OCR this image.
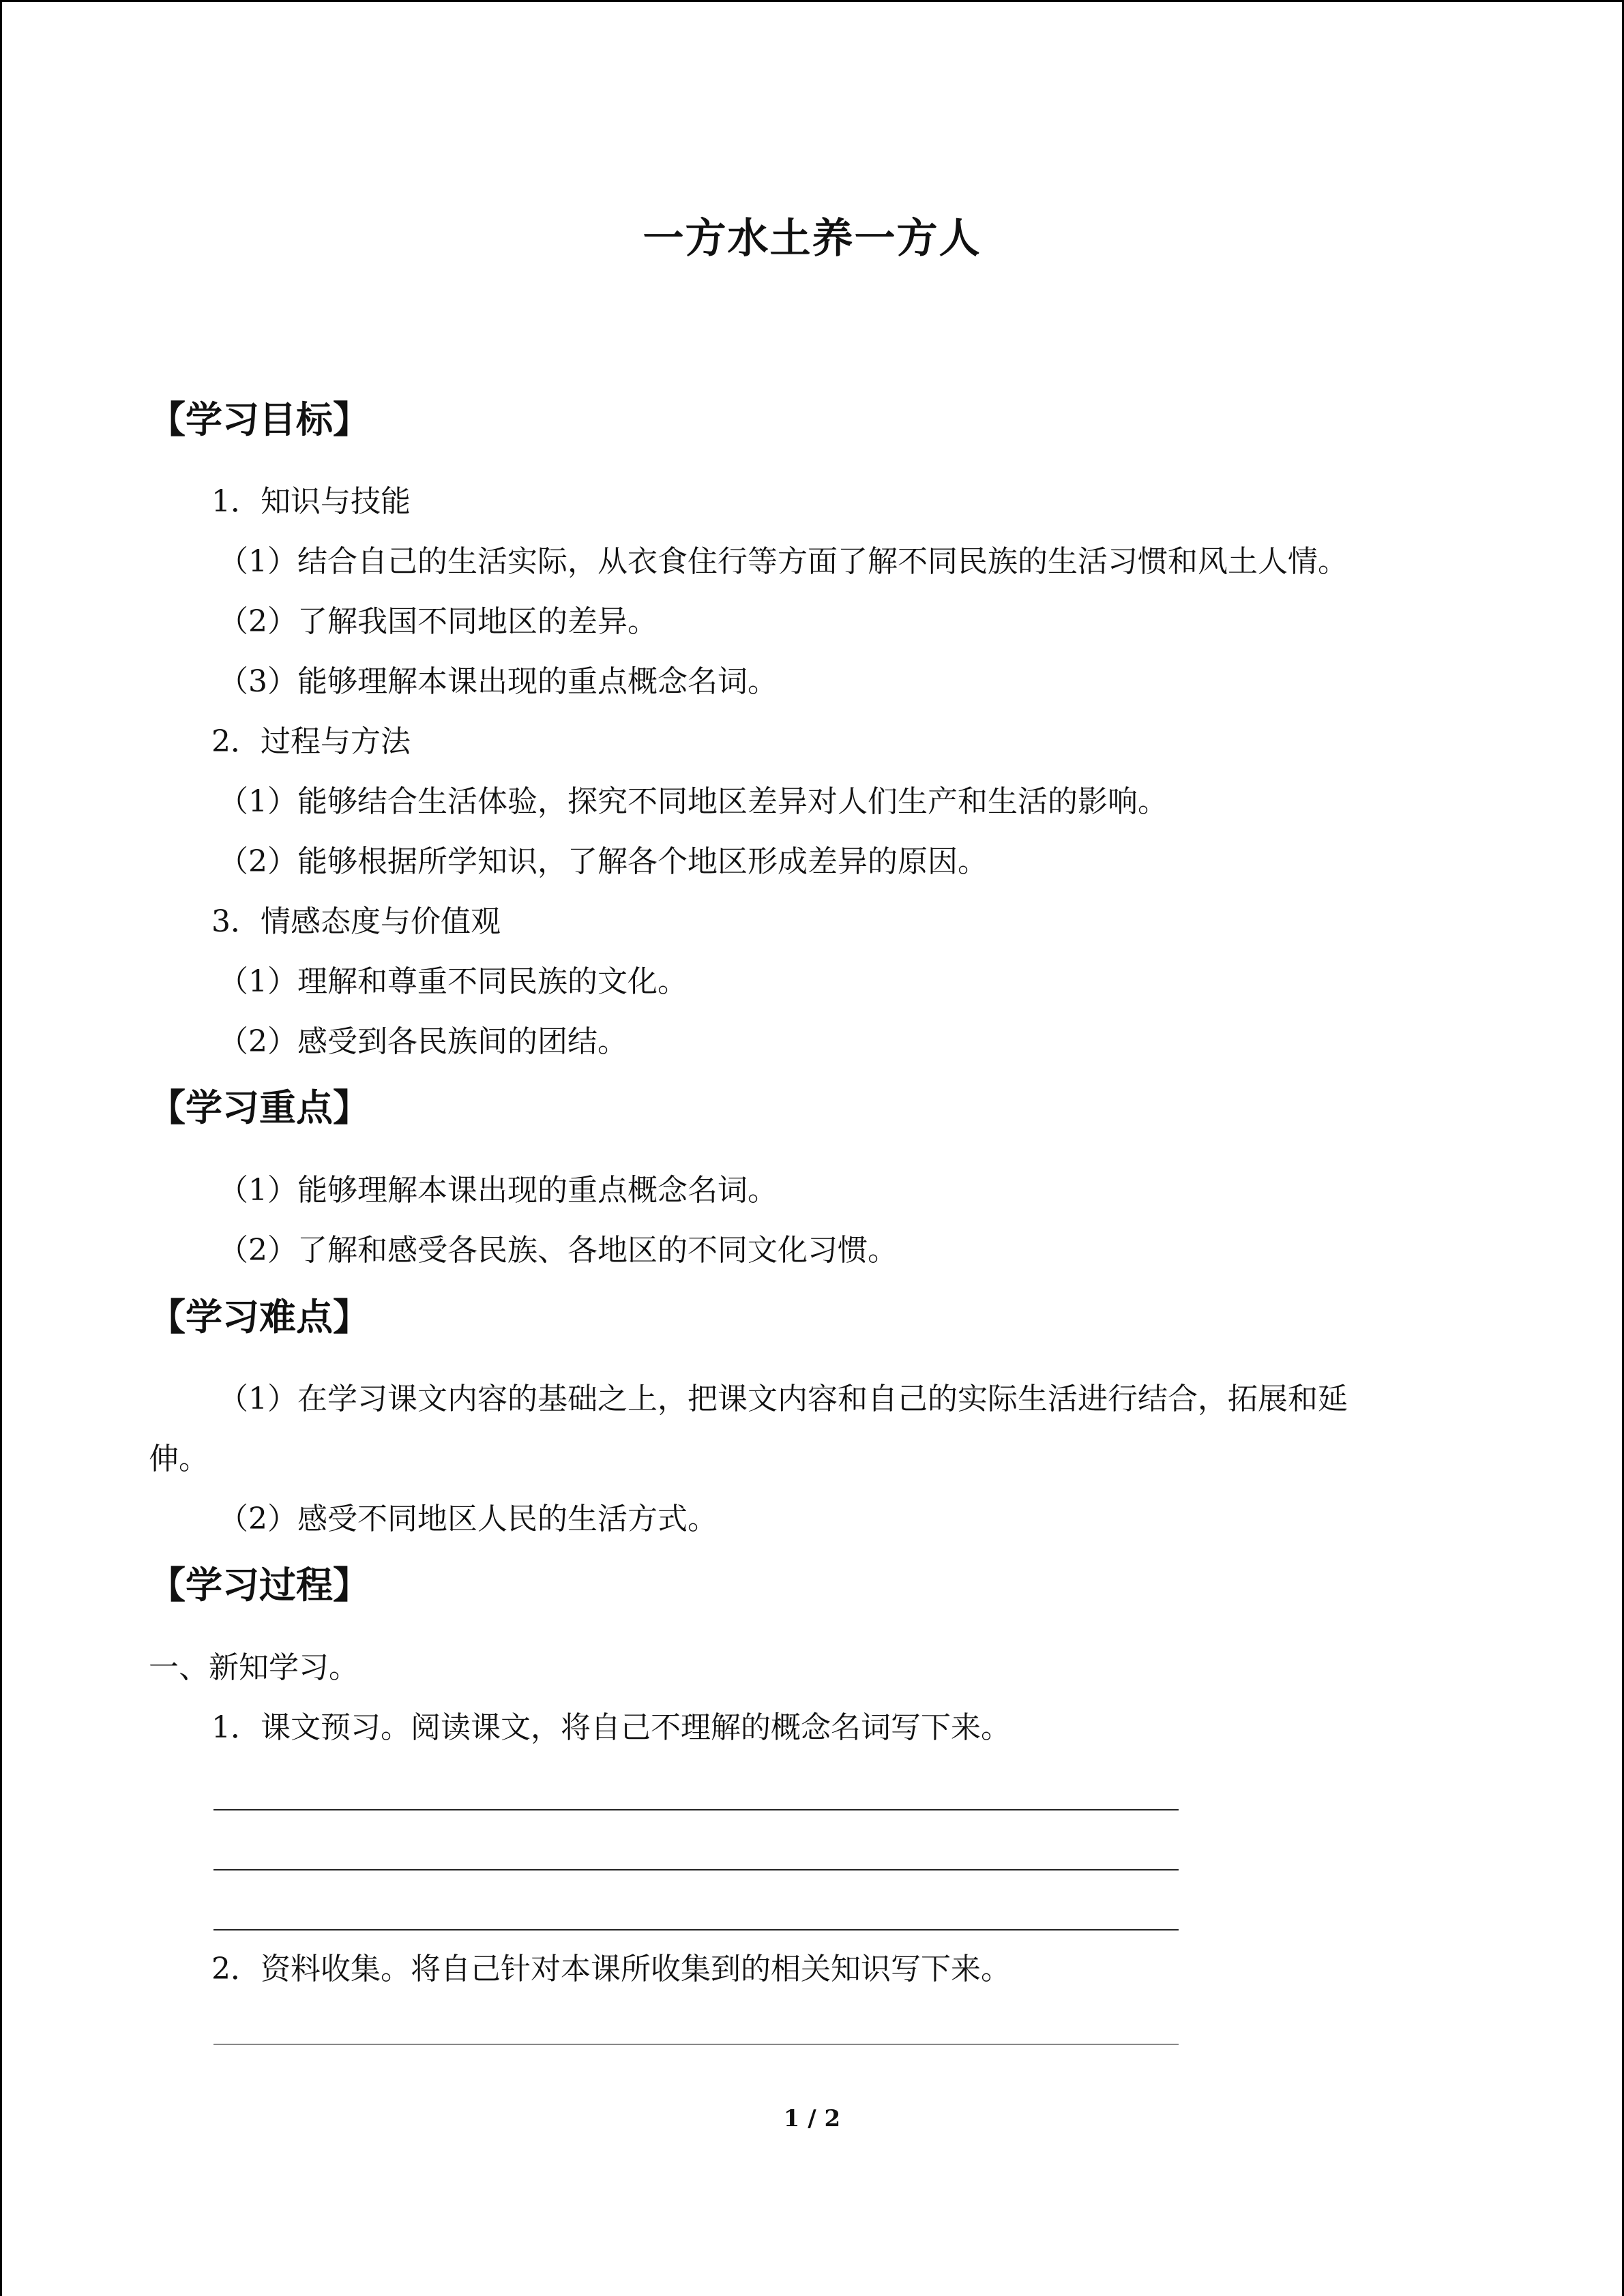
一方水土养一方人
【学习目标】
1．知识与技能
（1）结合自己的生活实际，从衣食住行等方面了解不同民族的生活习惯和风土人情。
（2）了解我国不同地区的差异。
（3）能够理解本课出现的重点概念名词。
2．过程与方法
（1）能够结合生活体验，探究不同地区差异对人们生产和生活的影响。
（2）能够根据所学知识，了解各个地区形成差异的原因。
3．情感态度与价值观
（1）理解和尊重不同民族的文化。
（2）感受到各民族间的团结。
【学习重点】
（1）能够理解本课出现的重点概念名词。
（2）了解和感受各民族、各地区的不同文化习惯。
【学习难点】
（1）在学习课文内容的基础之上，把课文内容和自己的实际生活进行结合，拓展和延
伸。
（2）感受不同地区人民的生活方式。
【学习过程】
一、新知学习。
1．课文预习。阅读课文，将自己不理解的概念名词写下来。
2．资料收集。将自己针对本课所收集到的相关知识写下来。
1 / 2
